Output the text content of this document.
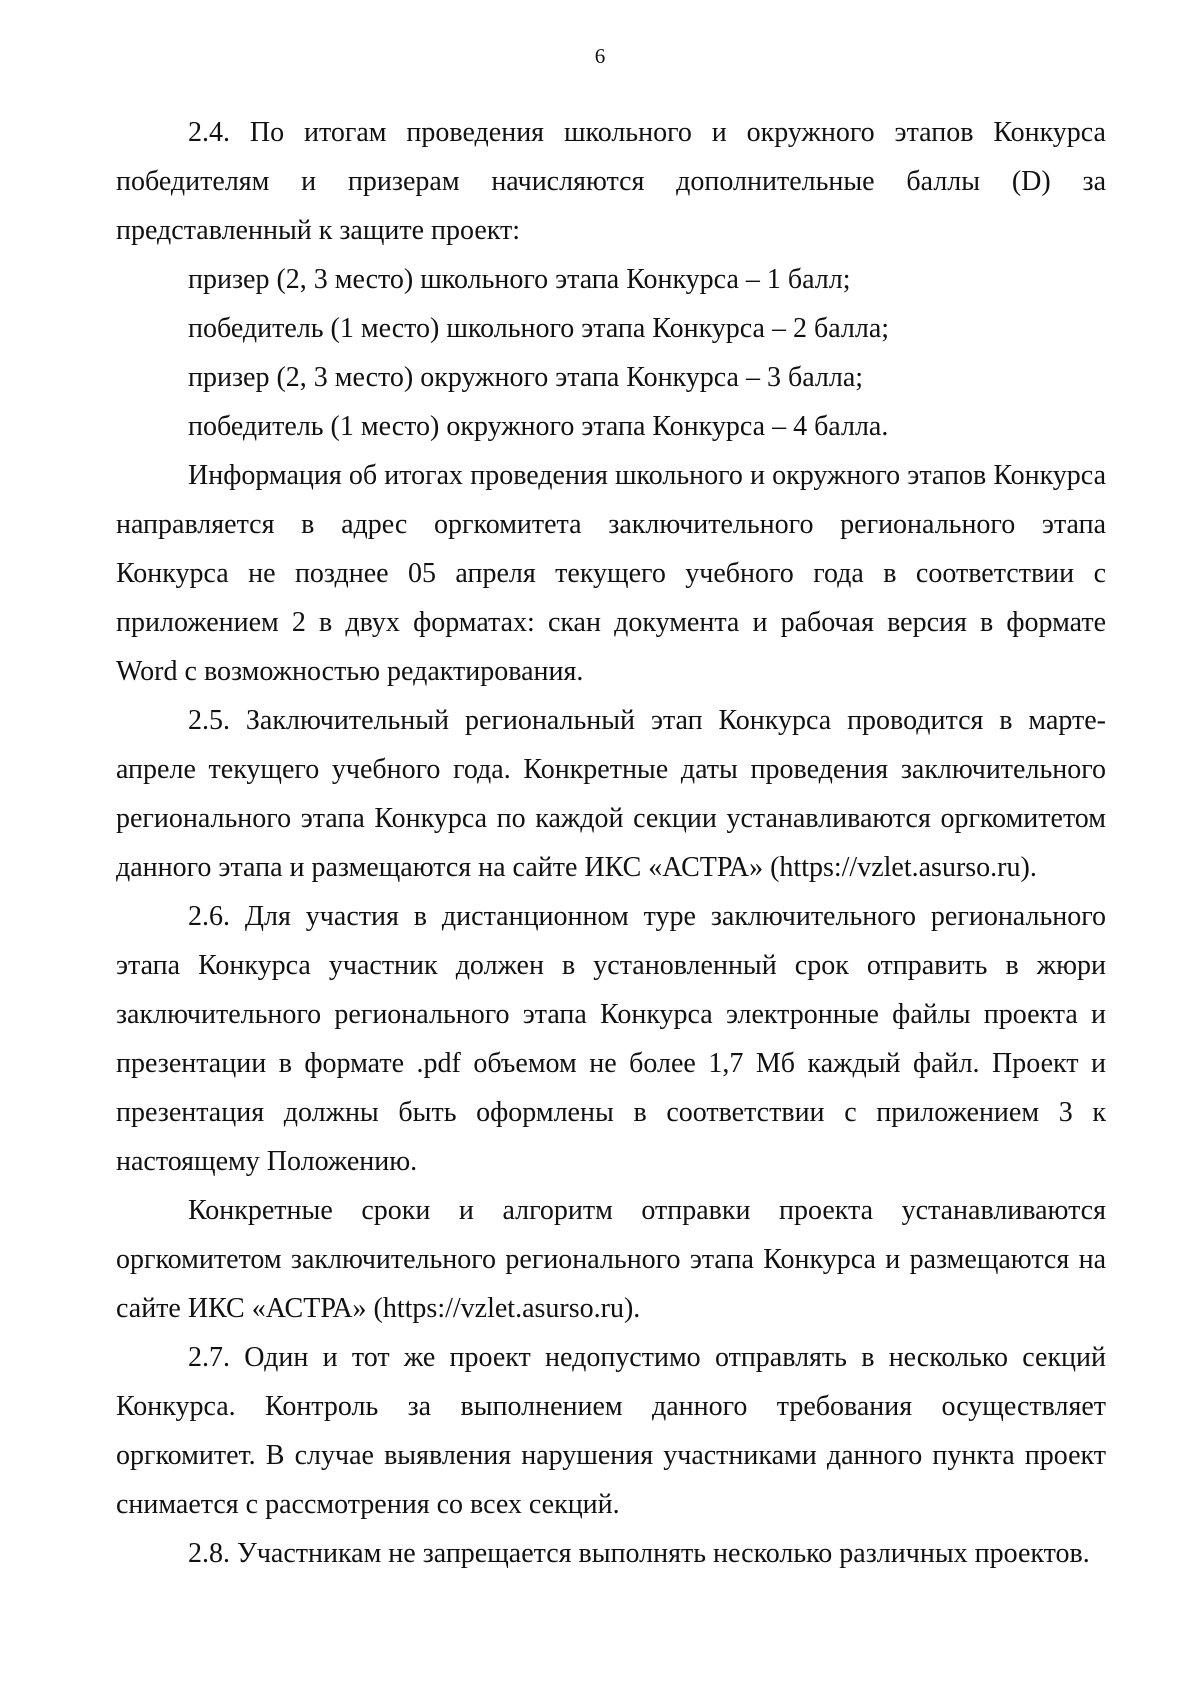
6

2.4. По итогам проведения школьного и окружного этапов Конкурса победителям и призерам начисляются дополнительные баллы (D) за представленный к защите проект:

призер (2, 3 место) школьного этапа Конкурса – 1 балл;

победитель (1 место) школьного этапа Конкурса – 2 балла;

призер (2, 3 место) окружного этапа Конкурса – 3 балла;

победитель (1 место) окружного этапа Конкурса – 4 балла.

Информация об итогах проведения школьного и окружного этапов Конкурса направляется в адрес оргкомитета заключительного регионального этапа Конкурса не позднее 05 апреля текущего учебного года в соответствии с приложением 2 в двух форматах: скан документа и рабочая версия в формате Word с возможностью редактирования.

2.5. Заключительный региональный этап Конкурса проводится в марте-апреле текущего учебного года. Конкретные даты проведения заключительного регионального этапа Конкурса по каждой секции устанавливаются оргкомитетом данного этапа и размещаются на сайте ИКС «АСТРА» (https://vzlet.asurso.ru).

2.6. Для участия в дистанционном туре заключительного регионального этапа Конкурса участник должен в установленный срок отправить в жюри заключительного регионального этапа Конкурса электронные файлы проекта и презентации в формате .pdf объемом не более 1,7 Мб каждый файл. Проект и презентация должны быть оформлены в соответствии с приложением 3 к настоящему Положению.

Конкретные сроки и алгоритм отправки проекта устанавливаются оргкомитетом заключительного регионального этапа Конкурса и размещаются на сайте ИКС «АСТРА» (https://vzlet.asurso.ru).

2.7. Один и тот же проект недопустимо отправлять в несколько секций Конкурса. Контроль за выполнением данного требования осуществляет оргкомитет. В случае выявления нарушения участниками данного пункта проект снимается с рассмотрения со всех секций.

2.8. Участникам не запрещается выполнять несколько различных проектов.
